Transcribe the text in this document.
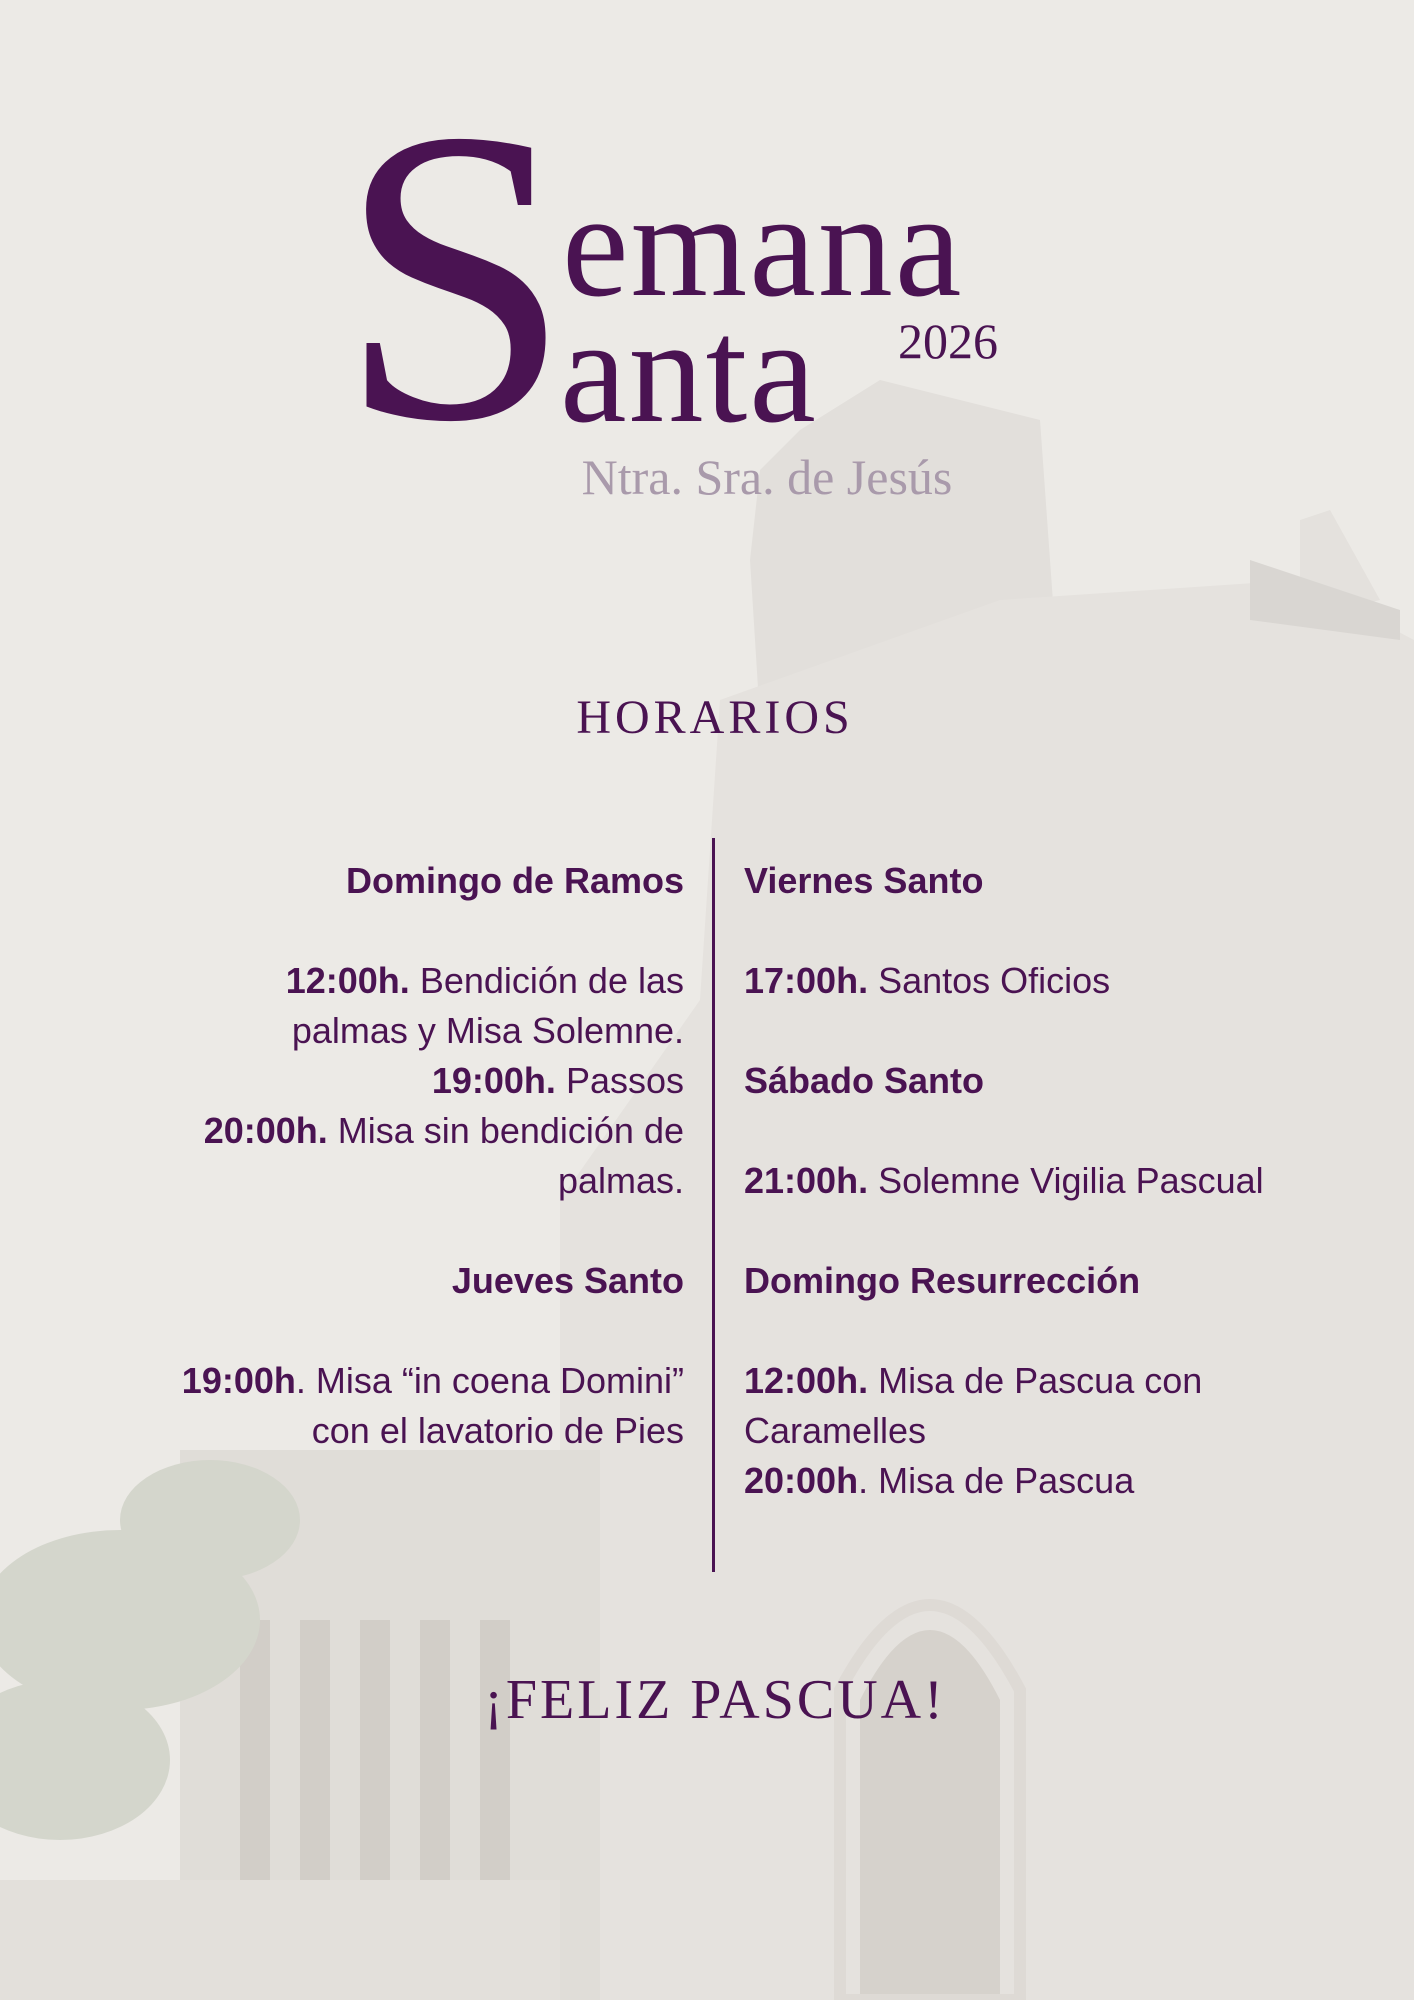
S
emana
anta 2026
Ntra. Sra. de Jesús
HORARIOS

Domingo de Ramos

12:00h. Bendición de las

palmas y Misa Solemne.

19:00h. Passos

20:00h. Misa sin bendición de

palmas.

Jueves Santo

19:00h. Misa “in coena Domini”

con el lavatorio de Pies

Viernes Santo

17:00h. Santos Oficios

Sábado Santo

21:00h. Solemne Vigilia Pascual

Domingo Resurrección

12:00h. Misa de Pascua con

Caramelles

20:00h. Misa de Pascua

¡FELIZ PASCUA!
